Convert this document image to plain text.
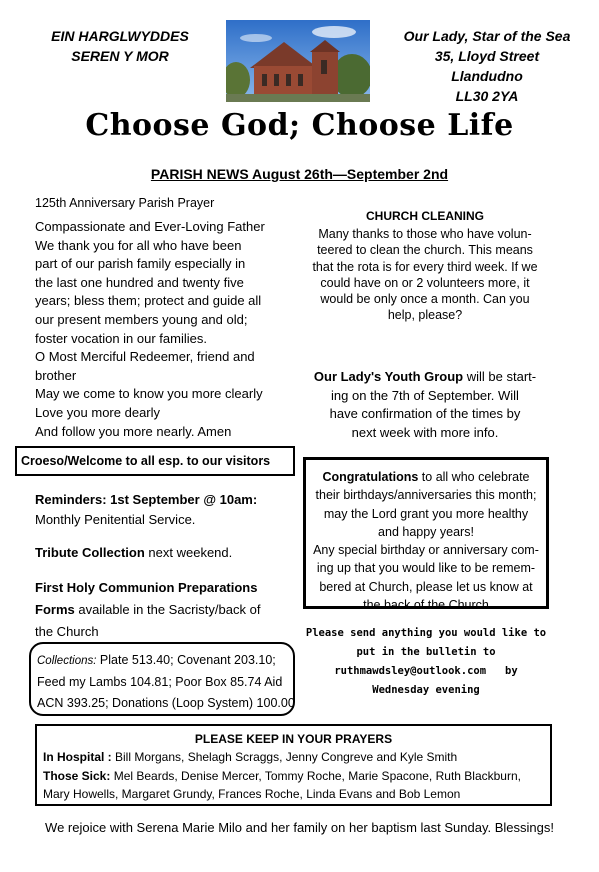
EIN HARGLWYDDES
SEREN Y MOR
Our Lady, Star of the Sea
35, Lloyd Street
Llandudno
LL30 2YA
Choose God; Choose Life
PARISH NEWS August 26th—September 2nd
125th Anniversary Parish Prayer
Compassionate and Ever-Loving Father
We thank you for all who have been
part of our parish family especially in
the last one hundred and twenty five
years; bless them; protect and guide all
our present members young and old;
foster vocation in our families.
O Most Merciful Redeemer, friend and
brother
May we come to know you more clearly
Love you more dearly
And follow you more nearly. Amen
Croeso/Welcome to all esp. to our visitors
Reminders: 1st September @ 10am:
Monthly Penitential Service.
Tribute Collection next weekend.
First Holy Communion Preparations
Forms available in the Sacristy/back of
the Church
Collections: Plate 513.40; Covenant 203.10;
Feed my Lambs 104.81; Poor Box 85.74 Aid
ACN 393.25; Donations (Loop System) 100.00
CHURCH CLEANING
Many thanks to those who have volun-
teered to clean the church. This means
that the rota is for every third week. If we
could have on or 2 volunteers more, it
would be only once a month. Can you
help, please?
Our Lady's Youth Group will be start-
ing on the 7th of September. Will
have confirmation of the times by
next week with more info.
Congratulations to all who celebrate
their birthdays/anniversaries this month;
may the Lord grant you more healthy
and happy years!
Any special birthday or anniversary com-
ing up that you would like to be remem-
bered at Church, please let us know at
the back of the Church
Please send anything you would like to
put in the bulletin to
ruthmawdsley@outlook.com   by
Wednesday evening
PLEASE KEEP IN YOUR PRAYERS
In Hospital : Bill Morgans, Shelagh Scraggs, Jenny Congreve and Kyle Smith
Those Sick: Mel Beards, Denise Mercer, Tommy Roche, Marie Spacone, Ruth Blackburn,
Mary Howells, Margaret Grundy, Frances Roche, Linda Evans and Bob Lemon
We rejoice with Serena Marie Milo and her family on her baptism last Sunday. Blessings!
